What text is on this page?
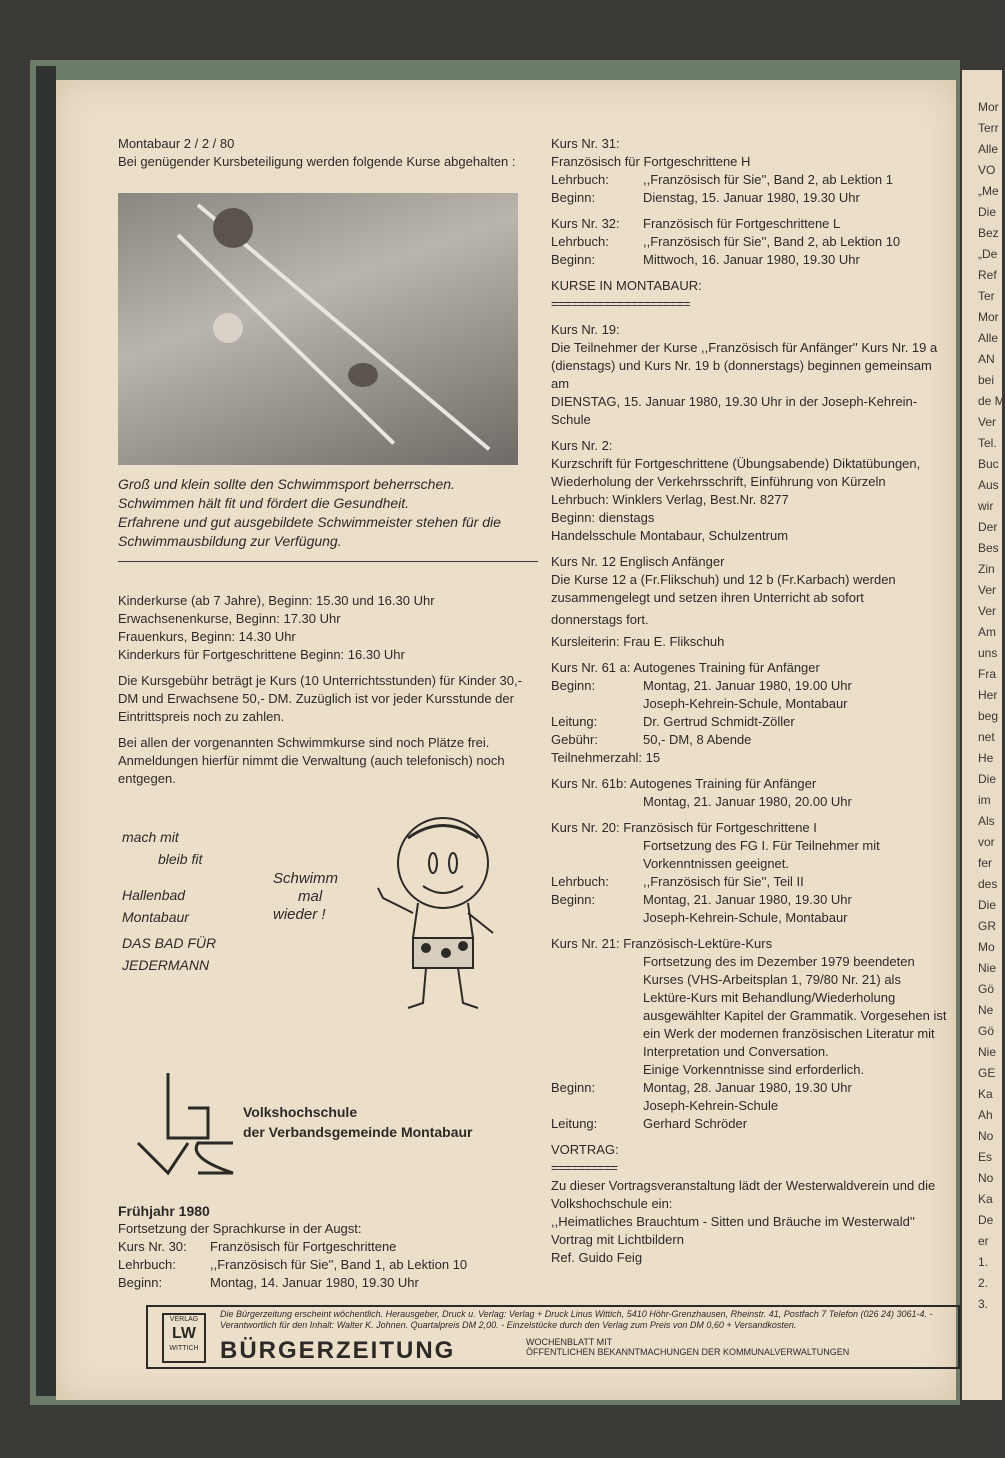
Mor
Terr
Alle
VO
„Me
Die
Bez
„De
Ref
Ter
Mor
Alle
AN
bei
de M
Ver
Tel.
Buc
Aus
wir
Der
Bes
Zin
Ver
Ver
Am
uns
Fra
Her
beg
net
He
Die
im
Als
vor
fer
des
Die
GR
Mo
Nie
Gö
Ne
Gö
Nie
GE
Ka
Ah
No
Es
No
Ka
De
er
1.
2.
3.

Montabaur 2 / 2 / 80

Bei genügender Kursbeteiligung werden folgende Kurse abgehalten :

Groß und klein sollte den Schwimmsport beherrschen.

Schwimmen hält fit und fördert die Gesundheit.

Erfahrene und gut ausgebildete Schwimmeister stehen für die

Schwimmausbildung zur Verfügung.

Kinderkurse (ab 7 Jahre), Beginn: 15.30 und 16.30 Uhr

Erwachsenenkurse, Beginn: 17.30 Uhr

Frauenkurs, Beginn: 14.30 Uhr

Kinderkurs für Fortgeschrittene Beginn: 16.30 Uhr

Die Kursgebühr beträgt je Kurs (10 Unterrichtsstunden) für Kinder 30,- DM und Erwachsene 50,- DM. Zuzüglich ist vor jeder Kursstunde der Eintrittspreis noch zu zahlen.

Bei allen der vorgenannten Schwimmkurse sind noch Plätze frei. Anmeldungen hierfür nimmt die Verwaltung (auch telefonisch) noch entgegen.

mach mit

bleib fit

Hallenbad

Montabaur

DAS BAD FÜR

JEDERMANN

Schwimm

mal

wieder !

Volkshochschule

der Verbandsgemeinde Montabaur

Frühjahr 1980

Fortsetzung der Sprachkurse in der Augst:

Kurs Nr. 30:	Französisch für Fortgeschrittene
Lehrbuch:	,,Französisch für Sie'', Band 1, ab Lektion 10
Beginn:	Montag, 14. Januar 1980, 19.30 Uhr

Kurs Nr. 31:

Französisch für Fortgeschrittene H

Lehrbuch:	,,Französisch für Sie'', Band 2, ab Lektion 1
Beginn:	Dienstag, 15. Januar 1980, 19.30 Uhr
Kurs Nr. 32:	Französisch für Fortgeschrittene L
Lehrbuch:	,,Französisch für Sie'', Band 2, ab Lektion 10
Beginn:	Mittwoch, 16. Januar 1980, 19.30 Uhr

KURSE IN MONTABAUR:

=====================

Kurs Nr. 19:

Die Teilnehmer der Kurse ,,Französisch für Anfänger'' Kurs Nr. 19 a (dienstags) und Kurs Nr. 19 b (donnerstags) beginnen gemeinsam am

DIENSTAG, 15. Januar 1980, 19.30 Uhr in der Joseph-Kehrein-Schule

Kurs Nr. 2:

Kurzschrift für Fortgeschrittene (Übungsabende) Diktatübungen, Wiederholung der Verkehrsschrift, Einführung von Kürzeln

Lehrbuch: Winklers Verlag, Best.Nr. 8277

Beginn: dienstags

Handelsschule Montabaur, Schulzentrum

Kurs Nr. 12 Englisch Anfänger

Die Kurse 12 a (Fr.Flikschuh) und 12 b (Fr.Karbach) werden zusammengelegt und setzen ihren Unterricht ab sofort

donnerstags fort.

Kursleiterin: Frau E. Flikschuh

Kurs Nr. 61 a: Autogenes Training für Anfänger

Beginn:	Montag, 21. Januar 1980, 19.00 Uhr
Joseph-Kehrein-Schule, Montabaur
Leitung:	Dr. Gertrud Schmidt-Zöller
Gebühr:	50,- DM, 8 Abende

Teilnehmerzahl: 15

Kurs Nr. 61b: Autogenes Training für Anfänger

Montag, 21. Januar 1980, 20.00 Uhr

Kurs Nr. 20: Französisch für Fortgeschrittene I

Fortsetzung des FG I. Für Teilnehmer mit Vorkenntnissen geeignet.
Lehrbuch:	,,Französisch für Sie'', Teil II
Beginn:	Montag, 21. Januar 1980, 19.30 Uhr
Joseph-Kehrein-Schule, Montabaur

Kurs Nr. 21: Französisch-Lektüre-Kurs

Fortsetzung des im Dezember 1979 beendeten Kurses (VHS-Arbeitsplan 1, 79/80 Nr. 21) als Lektüre-Kurs mit Behandlung/Wiederholung ausgewählter Kapitel der Grammatik. Vorgesehen ist ein Werk der modernen französischen Literatur mit Interpretation und Conversation.
Einige Vorkenntnisse sind erforderlich.
Beginn:	Montag, 28. Januar 1980, 19.30 Uhr
Joseph-Kehrein-Schule
Leitung:	Gerhard Schröder

VORTRAG:

==========

Zu dieser Vortragsveranstaltung lädt der Westerwaldverein und die Volkshochschule ein:

,,Heimatliches Brauchtum - Sitten und Bräuche im Westerwald''

Vortrag mit Lichtbildern

Ref. Guido Feig

VERLAG
LW
WITTICH
Die Bürgerzeitung erscheint wöchentlich. Herausgeber, Druck u. Verlag: Verlag + Druck Linus Wittich, 5410 Höhr-Grenzhausen, Rheinstr. 41, Postfach 7 Telefon (026 24) 3061-4. - Verantwortlich für den Inhalt: Walter K. Johnen. Quartalpreis DM 2,00. - Einzelstücke durch den Verlag zum Preis von DM 0,60 + Versandkosten.
BÜRGERZEITUNG	WOCHENBLATT MIT
ÖFFENTLICHEN BEKANNTMACHUNGEN DER KOMMUNALVERWALTUNGEN
